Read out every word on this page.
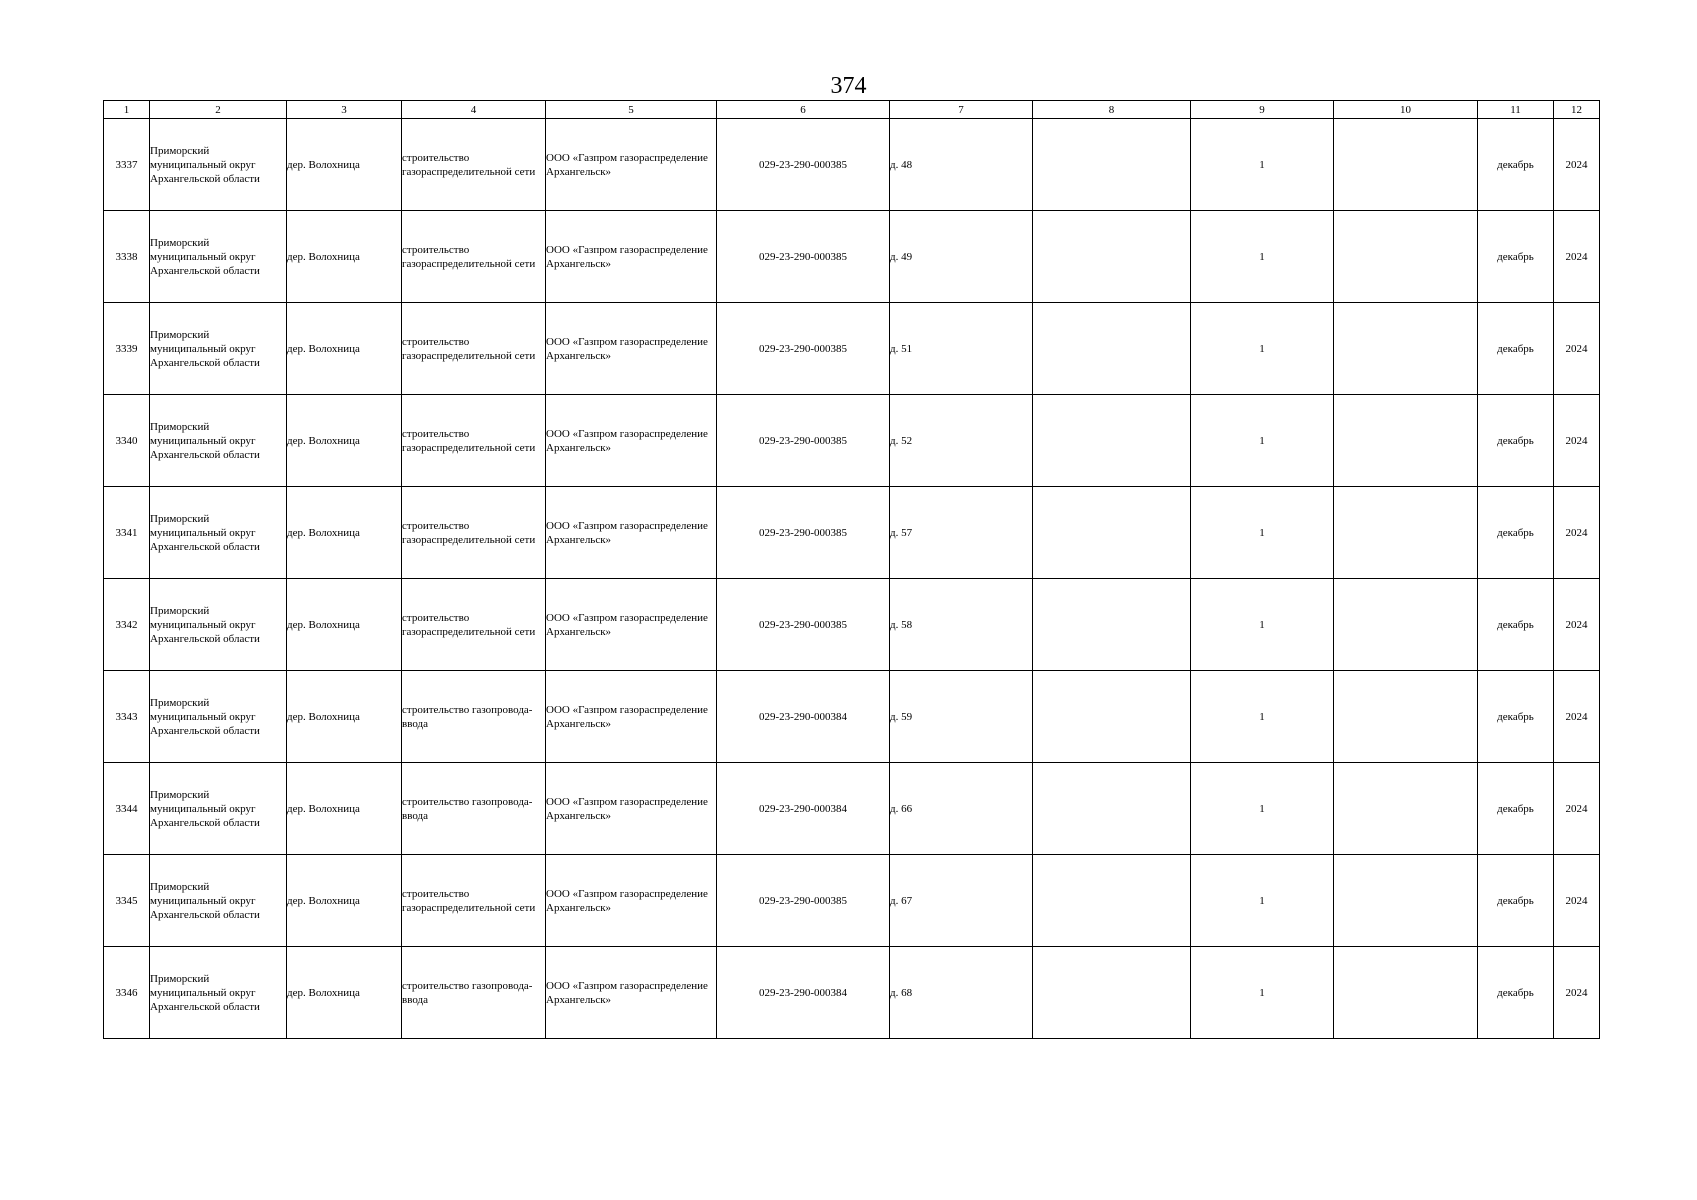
374
1	2	3	4	5	6	7	8	9	10	11	12
3337	Приморский муниципальный округ Архангельской области	дер. Волохница	строительство газораспределительной сети	ООО «Газпром газораспределение Архангельск»	029-23-290-000385	д. 48		1		декабрь	2024
3338	Приморский муниципальный округ Архангельской области	дер. Волохница	строительство газораспределительной сети	ООО «Газпром газораспределение Архангельск»	029-23-290-000385	д. 49		1		декабрь	2024
3339	Приморский муниципальный округ Архангельской области	дер. Волохница	строительство газораспределительной сети	ООО «Газпром газораспределение Архангельск»	029-23-290-000385	д. 51		1		декабрь	2024
3340	Приморский муниципальный округ Архангельской области	дер. Волохница	строительство газораспределительной сети	ООО «Газпром газораспределение Архангельск»	029-23-290-000385	д. 52		1		декабрь	2024
3341	Приморский муниципальный округ Архангельской области	дер. Волохница	строительство газораспределительной сети	ООО «Газпром газораспределение Архангельск»	029-23-290-000385	д. 57		1		декабрь	2024
3342	Приморский муниципальный округ Архангельской области	дер. Волохница	строительство газораспределительной сети	ООО «Газпром газораспределение Архангельск»	029-23-290-000385	д. 58		1		декабрь	2024
3343	Приморский муниципальный округ Архангельской области	дер. Волохница	строительство газопровода-ввода	ООО «Газпром газораспределение Архангельск»	029-23-290-000384	д. 59		1		декабрь	2024
3344	Приморский муниципальный округ Архангельской области	дер. Волохница	строительство газопровода-ввода	ООО «Газпром газораспределение Архангельск»	029-23-290-000384	д. 66		1		декабрь	2024
3345	Приморский муниципальный округ Архангельской области	дер. Волохница	строительство газораспределительной сети	ООО «Газпром газораспределение Архангельск»	029-23-290-000385	д. 67		1		декабрь	2024
3346	Приморский муниципальный округ Архангельской области	дер. Волохница	строительство газопровода-ввода	ООО «Газпром газораспределение Архангельск»	029-23-290-000384	д. 68		1		декабрь	2024
